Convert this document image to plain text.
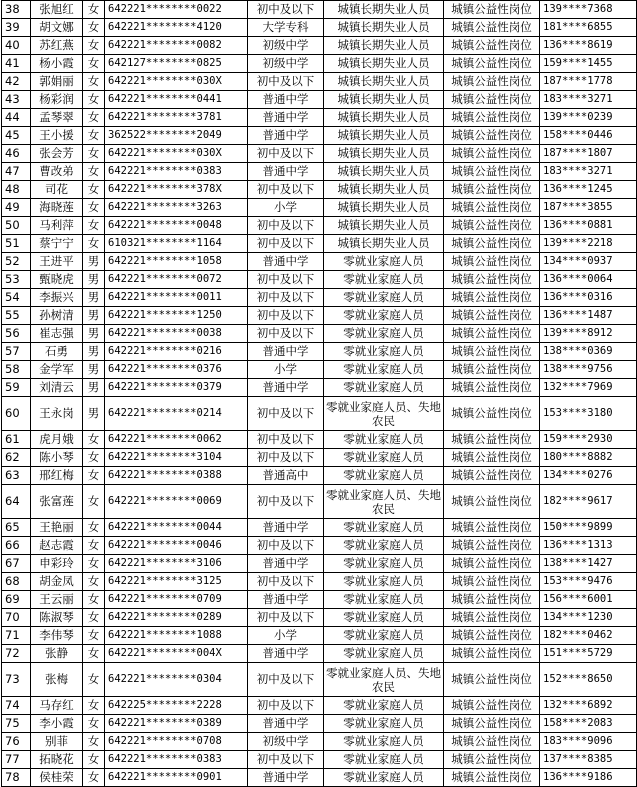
38	张旭红	女	642221********0022	初中及以下	城镇长期失业人员	城镇公益性岗位	139****7368
39	胡文娜	女	642221********4120	大学专科	城镇长期失业人员	城镇公益性岗位	181****6855
40	苏红燕	女	642221********0082	初级中学	城镇长期失业人员	城镇公益性岗位	136****8619
41	杨小霞	女	642127********0825	初级中学	城镇长期失业人员	城镇公益性岗位	159****1455
42	郭娟丽	女	642221********030X	初中及以下	城镇长期失业人员	城镇公益性岗位	187****1778
43	杨彩润	女	642221********0441	普通中学	城镇长期失业人员	城镇公益性岗位	183****3271
44	孟琴翠	女	642221********3781	普通中学	城镇长期失业人员	城镇公益性岗位	139****0239
45	王小援	女	362522********2049	普通中学	城镇长期失业人员	城镇公益性岗位	158****0446
46	张会芳	女	642221********030X	初中及以下	城镇长期失业人员	城镇公益性岗位	187****1807
47	曹改弟	女	642221********0383	普通中学	城镇长期失业人员	城镇公益性岗位	183****3271
48	司花	女	642221********378X	初中及以下	城镇长期失业人员	城镇公益性岗位	136****1245
49	海晓莲	女	642221********3263	小学	城镇长期失业人员	城镇公益性岗位	187****3855
50	马利萍	女	642221********0048	初中及以下	城镇长期失业人员	城镇公益性岗位	136****0881
51	蔡宁宁	女	610321********1164	初中及以下	城镇长期失业人员	城镇公益性岗位	139****2218
52	王进平	男	642221********1058	普通中学	零就业家庭人员	城镇公益性岗位	134****0937
53	甄晓虎	男	642221********0072	初中及以下	零就业家庭人员	城镇公益性岗位	136****0064
54	李振兴	男	642221********0011	初中及以下	零就业家庭人员	城镇公益性岗位	136****0316
55	孙树清	男	642221********1250	初中及以下	零就业家庭人员	城镇公益性岗位	136****1487
56	崔志强	男	642221********0038	初中及以下	零就业家庭人员	城镇公益性岗位	139****8912
57	石勇	男	642221********0216	普通中学	零就业家庭人员	城镇公益性岗位	138****0369
58	金学军	男	642221********0376	小学	零就业家庭人员	城镇公益性岗位	138****9756
59	刘清云	男	642221********0379	普通中学	零就业家庭人员	城镇公益性岗位	132****7969
60	王永岗	男	642221********0214	初中及以下	零就业家庭人员、失地农民	城镇公益性岗位	153****3180
61	虎月娥	女	642221********0062	初中及以下	零就业家庭人员	城镇公益性岗位	159****2930
62	陈小琴	女	642221********3104	初中及以下	零就业家庭人员	城镇公益性岗位	180****8882
63	邢红梅	女	642221********0388	普通高中	零就业家庭人员	城镇公益性岗位	134****0276
64	张富莲	女	642221********0069	初中及以下	零就业家庭人员、失地农民	城镇公益性岗位	182****9617
65	王艳丽	女	642221********0044	普通中学	零就业家庭人员	城镇公益性岗位	150****9899
66	赵志霞	女	642221********0046	初中及以下	零就业家庭人员	城镇公益性岗位	136****1313
67	申彩玲	女	642221********3106	普通中学	零就业家庭人员	城镇公益性岗位	138****1427
68	胡金凤	女	642221********3125	初中及以下	零就业家庭人员	城镇公益性岗位	153****9476
69	王云丽	女	642221********0709	普通中学	零就业家庭人员	城镇公益性岗位	156****6001
70	陈淑琴	女	642221********0289	初中及以下	零就业家庭人员	城镇公益性岗位	134****1230
71	李伟琴	女	642221********1088	小学	零就业家庭人员	城镇公益性岗位	182****0462
72	张静	女	642221********004X	普通中学	零就业家庭人员	城镇公益性岗位	151****5729
73	张梅	女	642221********0304	初中及以下	零就业家庭人员、失地农民	城镇公益性岗位	152****8650
74	马存红	女	642225********2228	初中及以下	零就业家庭人员	城镇公益性岗位	132****6892
75	李小霞	女	642221********0389	普通中学	零就业家庭人员	城镇公益性岗位	158****2083
76	别菲	女	642221********0708	初级中学	零就业家庭人员	城镇公益性岗位	183****9096
77	拓晓花	女	642221********0383	初中及以下	零就业家庭人员	城镇公益性岗位	137****8385
78	侯桂荣	女	642221********0901	普通中学	零就业家庭人员	城镇公益性岗位	136****9186
